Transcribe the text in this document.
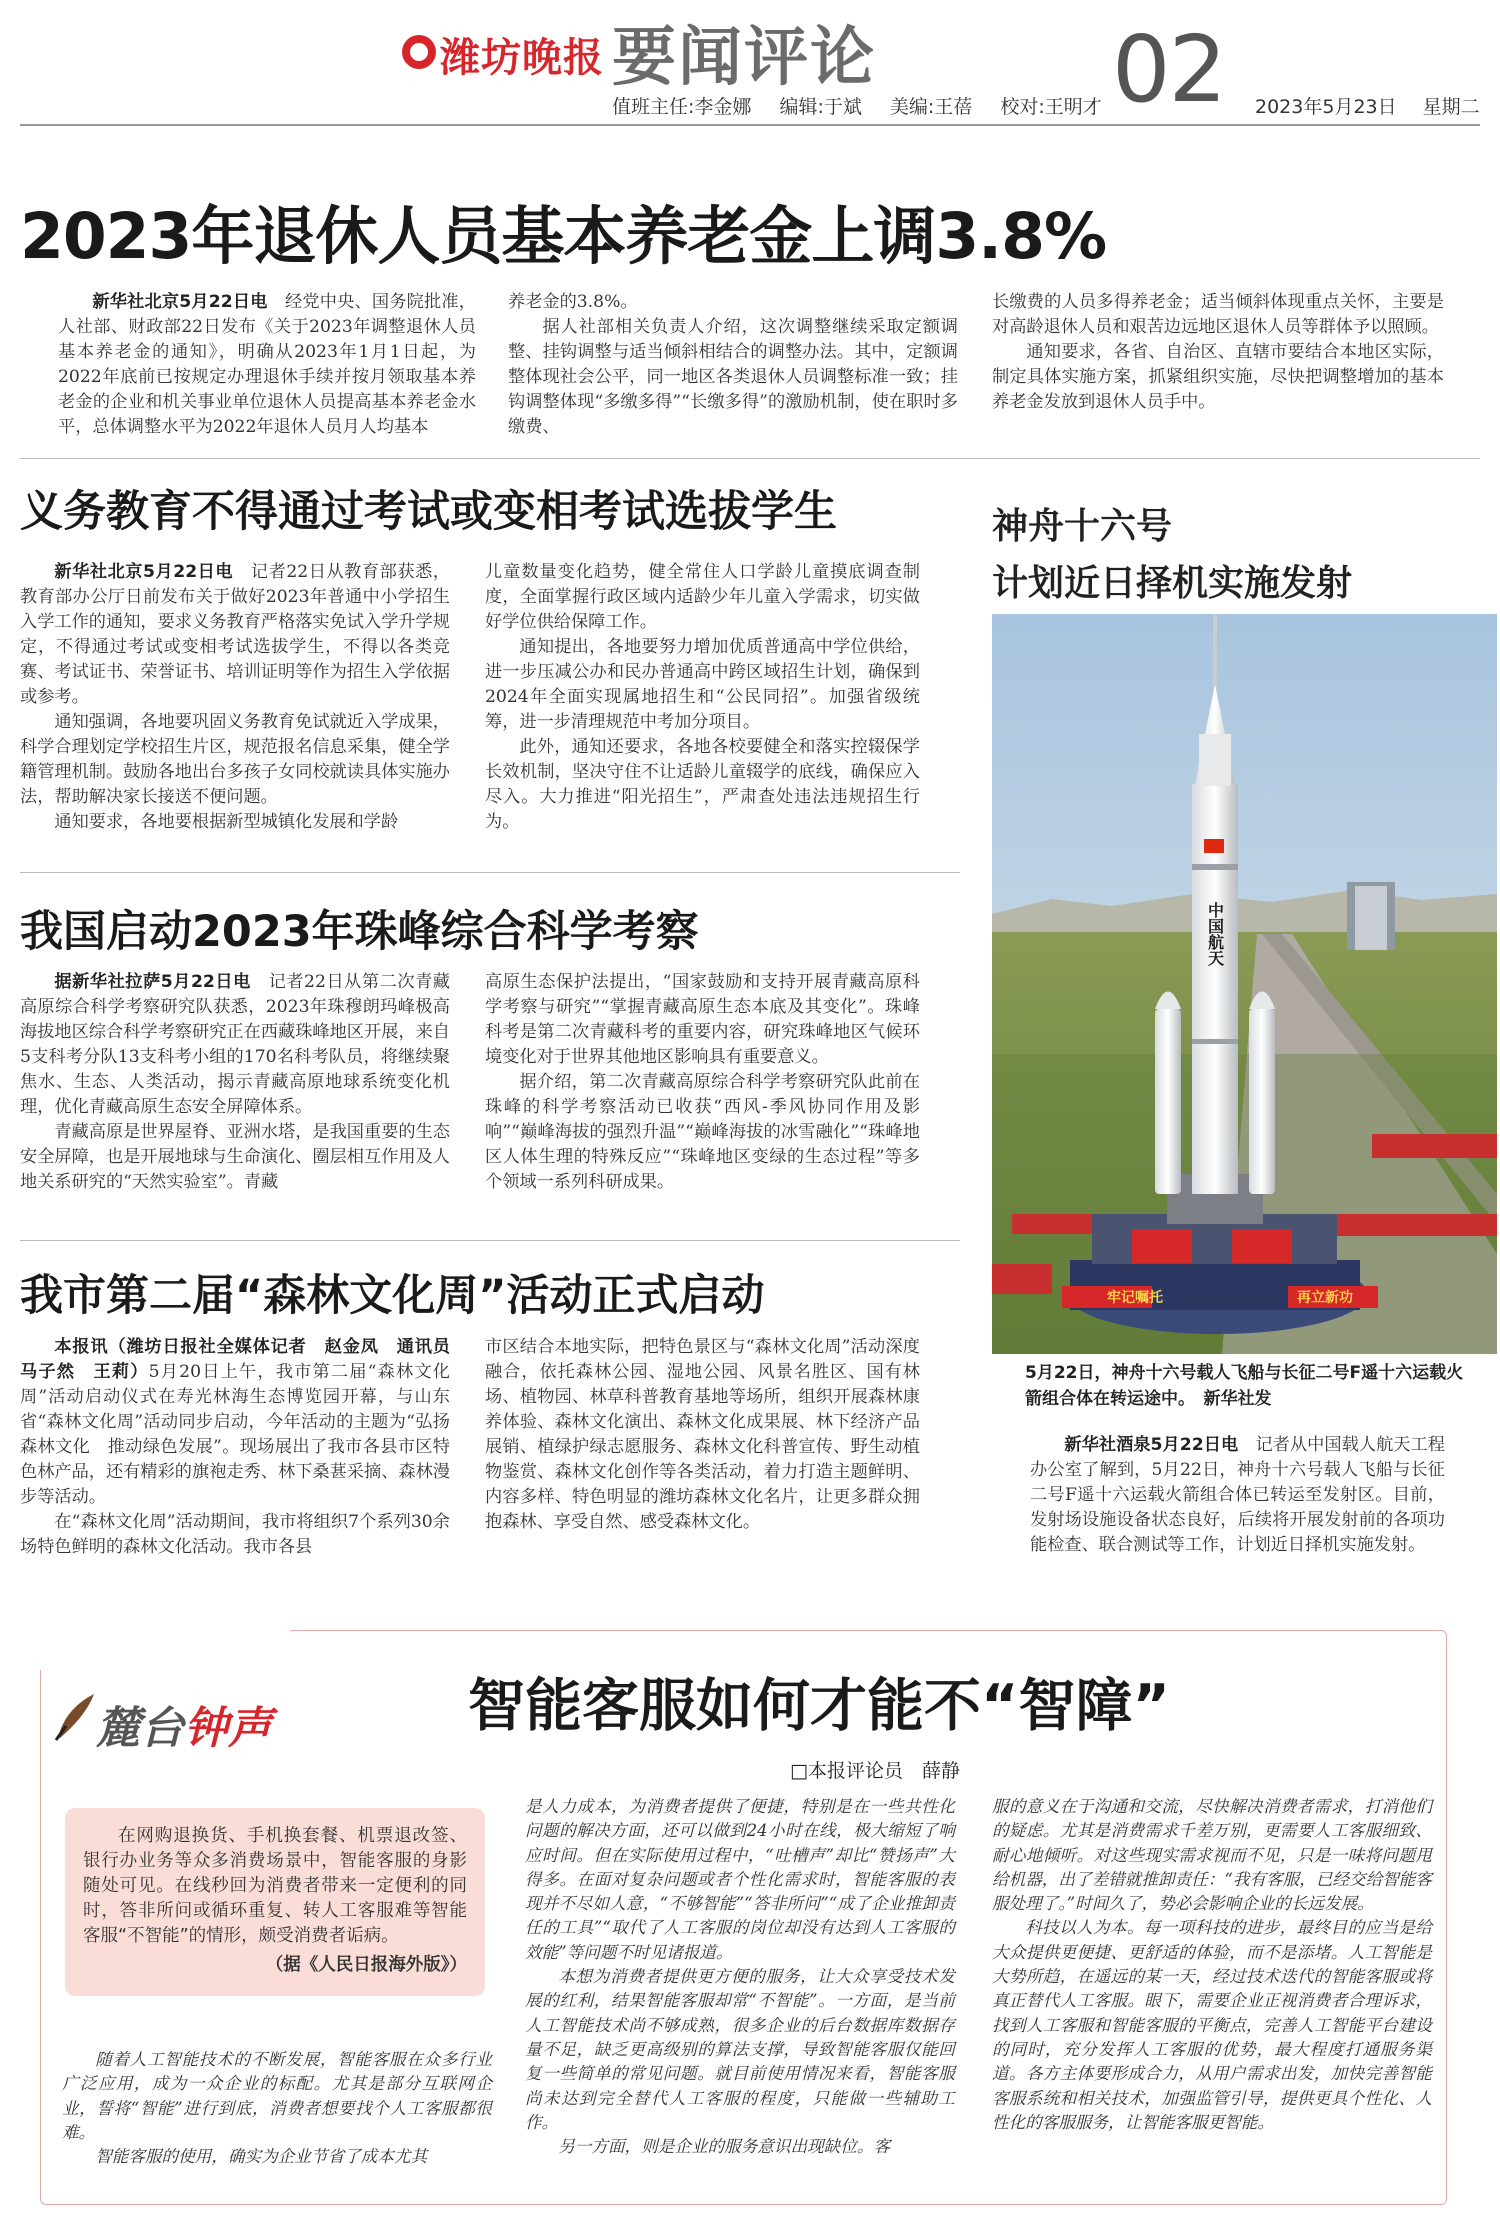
潍坊晚报 要闻评论	02
值班主任:李金娜 编辑:于斌 美编:王蓓 校对:王明才	2023年5月23日 星期二
2023年退休人员基本养老金上调3.8%

新华社北京5月22日电　 经党中央、国务院批准，人社部、财政部22日发布《关于2023年调整退休人员基本养老金的通知》，明确从2023年1月1日起，为2022年底前已按规定办理退休手续并按月领取基本养老金的企业和机关事业单位退休人员提高基本养老金水平，总体调整水平为2022年退休人员月人均基本

养老金的3.8%。

据人社部相关负责人介绍，这次调整继续采取定额调整、挂钩调整与适当倾斜相结合的调整办法。其中，定额调整体现社会公平，同一地区各类退休人员调整标准一致；挂钩调整体现“多缴多得”“长缴多得”的激励机制，使在职时多缴费、

长缴费的人员多得养老金；适当倾斜体现重点关怀，主要是对高龄退休人员和艰苦边远地区退休人员等群体予以照顾。

通知要求，各省、自治区、直辖市要结合本地区实际，制定具体实施方案，抓紧组织实施，尽快把调整增加的基本养老金发放到退休人员手中。

义务教育不得通过考试或变相考试选拔学生

新华社北京5月22日电　 记者22日从教育部获悉，教育部办公厅日前发布关于做好2023年普通中小学招生入学工作的通知，要求义务教育严格落实免试入学升学规定，不得通过考试或变相考试选拔学生，不得以各类竞赛、考试证书、荣誉证书、培训证明等作为招生入学依据或参考。

通知强调，各地要巩固义务教育免试就近入学成果，科学合理划定学校招生片区，规范报名信息采集，健全学籍管理机制。鼓励各地出台多孩子女同校就读具体实施办法，帮助解决家长接送不便问题。

通知要求，各地要根据新型城镇化发展和学龄

儿童数量变化趋势，健全常住人口学龄儿童摸底调查制度，全面掌握行政区域内适龄少年儿童入学需求，切实做好学位供给保障工作。

通知提出，各地要努力增加优质普通高中学位供给，进一步压减公办和民办普通高中跨区域招生计划，确保到2024年全面实现属地招生和“公民同招”。加强省级统筹，进一步清理规范中考加分项目。

此外，通知还要求，各地各校要健全和落实控辍保学长效机制，坚决守住不让适龄儿童辍学的底线，确保应入尽入。大力推进“阳光招生”，严肃查处违法违规招生行为。

我国启动2023年珠峰综合科学考察

据新华社拉萨5月22日电　 记者22日从第二次青藏高原综合科学考察研究队获悉，2023年珠穆朗玛峰极高海拔地区综合科学考察研究正在西藏珠峰地区开展，来自5支科考分队13支科考小组的170名科考队员，将继续聚焦水、生态、人类活动，揭示青藏高原地球系统变化机理，优化青藏高原生态安全屏障体系。

青藏高原是世界屋脊、亚洲水塔，是我国重要的生态安全屏障，也是开展地球与生命演化、圈层相互作用及人地关系研究的“天然实验室”。青藏

高原生态保护法提出，“国家鼓励和支持开展青藏高原科学考察与研究”“掌握青藏高原生态本底及其变化”。珠峰科考是第二次青藏科考的重要内容，研究珠峰地区气候环境变化对于世界其他地区影响具有重要意义。

据介绍，第二次青藏高原综合科学考察研究队此前在珠峰的科学考察活动已收获“西风-季风协同作用及影响”“巅峰海拔的强烈升温”“巅峰海拔的冰雪融化”“珠峰地区人体生理的特殊反应”“珠峰地区变绿的生态过程”等多个领域一系列科研成果。

我市第二届“森林文化周”活动正式启动

本报讯（潍坊日报社全媒体记者　赵金凤　通讯员　马子然　王莉）5月20日上午，我市第二届“森林文化周”活动启动仪式在寿光林海生态博览园开幕，与山东省“森林文化周”活动同步启动，今年活动的主题为“弘扬森林文化　推动绿色发展”。现场展出了我市各县市区特色林产品，还有精彩的旗袍走秀、林下桑葚采摘、森林漫步等活动。

在“森林文化周”活动期间，我市将组织7个系列30余场特色鲜明的森林文化活动。我市各县

市区结合本地实际，把特色景区与“森林文化周”活动深度融合，依托森林公园、湿地公园、风景名胜区、国有林场、植物园、林草科普教育基地等场所，组织开展森林康养体验、森林文化演出、森林文化成果展、林下经济产品展销、植绿护绿志愿服务、森林文化科普宣传、野生动植物鉴赏、森林文化创作等各类活动，着力打造主题鲜明、内容多样、特色明显的潍坊森林文化名片，让更多群众拥抱森林、享受自然、感受森林文化。

神舟十六号
计划近日择机实施发射
牢记嘱托	再立新功
中国航天
5月22日，神舟十六号载人飞船与长征二号F遥十六运载火箭组合体在转运途中。　新华社发

新华社酒泉5月22日电　 记者从中国载人航天工程办公室了解到，5月22日，神舟十六号载人飞船与长征二号F遥十六运载火箭组合体已转运至发射区。目前，发射场设施设备状态良好，后续将开展发射前的各项功能检查、联合测试等工作，计划近日择机实施发射。

麓台钟声	智能客服如何才能不“智障”
□本报评论员　薛静

在网购退换货、手机换套餐、机票退改签、银行办业务等众多消费场景中，智能客服的身影随处可见。在线秒回为消费者带来一定便利的同时，答非所问或循环重复、转人工客服难等智能客服“不智能”的情形，颇受消费者诟病。

（据《人民日报海外版》）

随着人工智能技术的不断发展，智能客服在众多行业广泛应用，成为一众企业的标配。尤其是部分互联网企业，誓将“智能”进行到底，消费者想要找个人工客服都很难。

智能客服的使用，确实为企业节省了成本尤其

是人力成本，为消费者提供了便捷，特别是在一些共性化问题的解决方面，还可以做到24小时在线，极大缩短了响应时间。但在实际使用过程中，“吐槽声”却比“赞扬声”大得多。在面对复杂问题或者个性化需求时，智能客服的表现并不尽如人意，“不够智能”“答非所问”“成了企业推卸责任的工具”“取代了人工客服的岗位却没有达到人工客服的效能”等问题不时见诸报道。

本想为消费者提供更方便的服务，让大众享受技术发展的红利，结果智能客服却常“不智能”。一方面，是当前人工智能技术尚不够成熟，很多企业的后台数据库数据存量不足，缺乏更高级别的算法支撑，导致智能客服仅能回复一些简单的常见问题。就目前使用情况来看，智能客服尚未达到完全替代人工客服的程度，只能做一些辅助工作。

另一方面，则是企业的服务意识出现缺位。客

服的意义在于沟通和交流，尽快解决消费者需求，打消他们的疑虑。尤其是消费需求千差万别，更需要人工客服细致、耐心地倾听。对这些现实需求视而不见，只是一味将问题甩给机器，出了差错就推卸责任：“我有客服，已经交给智能客服处理了。”时间久了，势必会影响企业的长远发展。

科技以人为本。每一项科技的进步，最终目的应当是给大众提供更便捷、更舒适的体验，而不是添堵。人工智能是大势所趋，在遥远的某一天，经过技术迭代的智能客服或将真正替代人工客服。眼下，需要企业正视消费者合理诉求，找到人工客服和智能客服的平衡点，完善人工智能平台建设的同时，充分发挥人工客服的优势，最大程度打通服务渠道。各方主体要形成合力，从用户需求出发，加快完善智能客服系统和相关技术，加强监管引导，提供更具个性化、人性化的客服服务，让智能客服更智能。
